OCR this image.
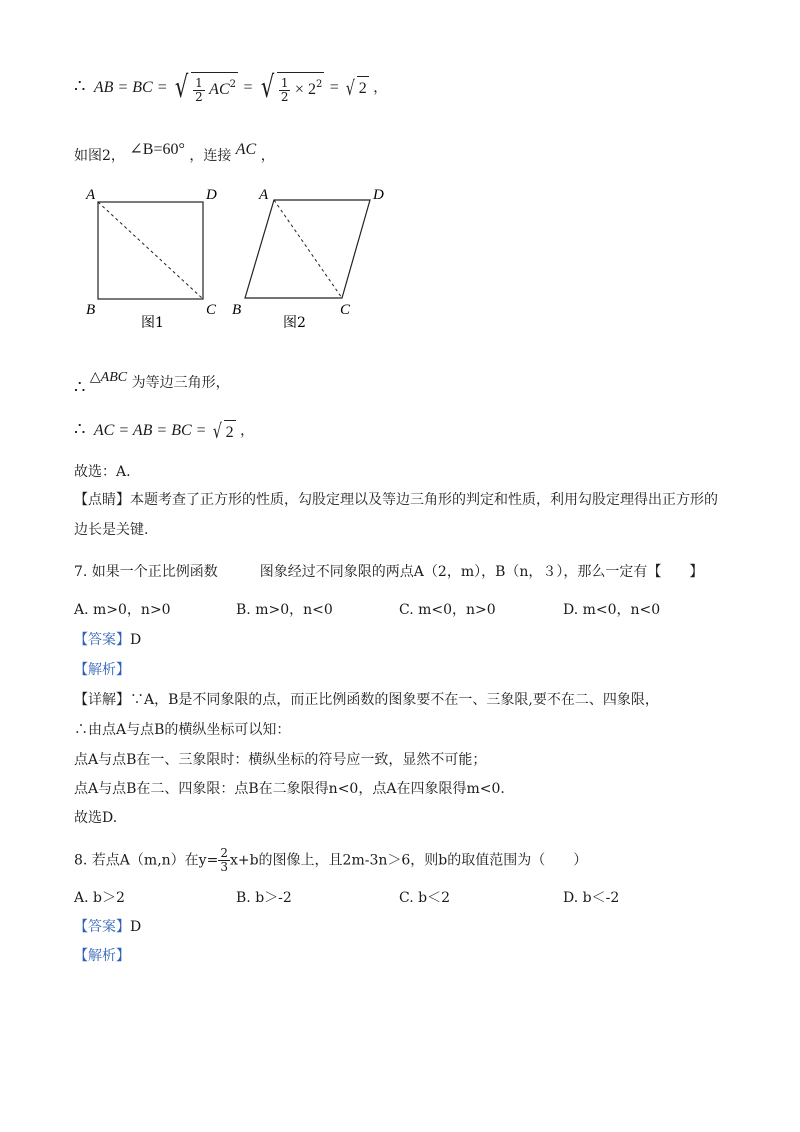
∴ AB = BC = √ $\frac{1}{2} AC^2$ = √ $\frac{1}{2} \times 2^2$ = √ 2 ，
如图2， ∠B=60° ，连接 AC ，
A	D
B	C
图1
A	D
B	C
图2
∴ △ABC 为等边三角形，
∴ AC = AB = BC = √ 2 ，
故选：A.
【点睛】本题考查了正方形的性质，勾股定理以及等边三角形的判定和性质，利用勾股定理得出正方形的
边长是关键.
7. 如果一个正比例函数　　　图象经过不同象限的两点A（2，m），B（n，３），那么一定有【　　】
A. m>0，n>0	B. m>0，n<0	C. m<0，n>0	D. m<0，n<0
【答案】D
【解析】
【详解】∵A，B是不同象限的点，而正比例函数的图象要不在一、三象限,要不在二、四象限，
∴由点A与点B的横纵坐标可以知：
点A与点B在一、三象限时：横纵坐标的符号应一致，显然不可能；
点A与点B在二、四象限：点B在二象限得n<0，点A在四象限得m<0.
故选D.
8. 若点A（m,n）在$y= \frac{2}{3} x+b$的图像上，且2m-3n＞6，则b的取值范围为（　　）
A. b＞2	B. b＞-2	C. b＜2	D. b＜-2
【答案】D
【解析】
